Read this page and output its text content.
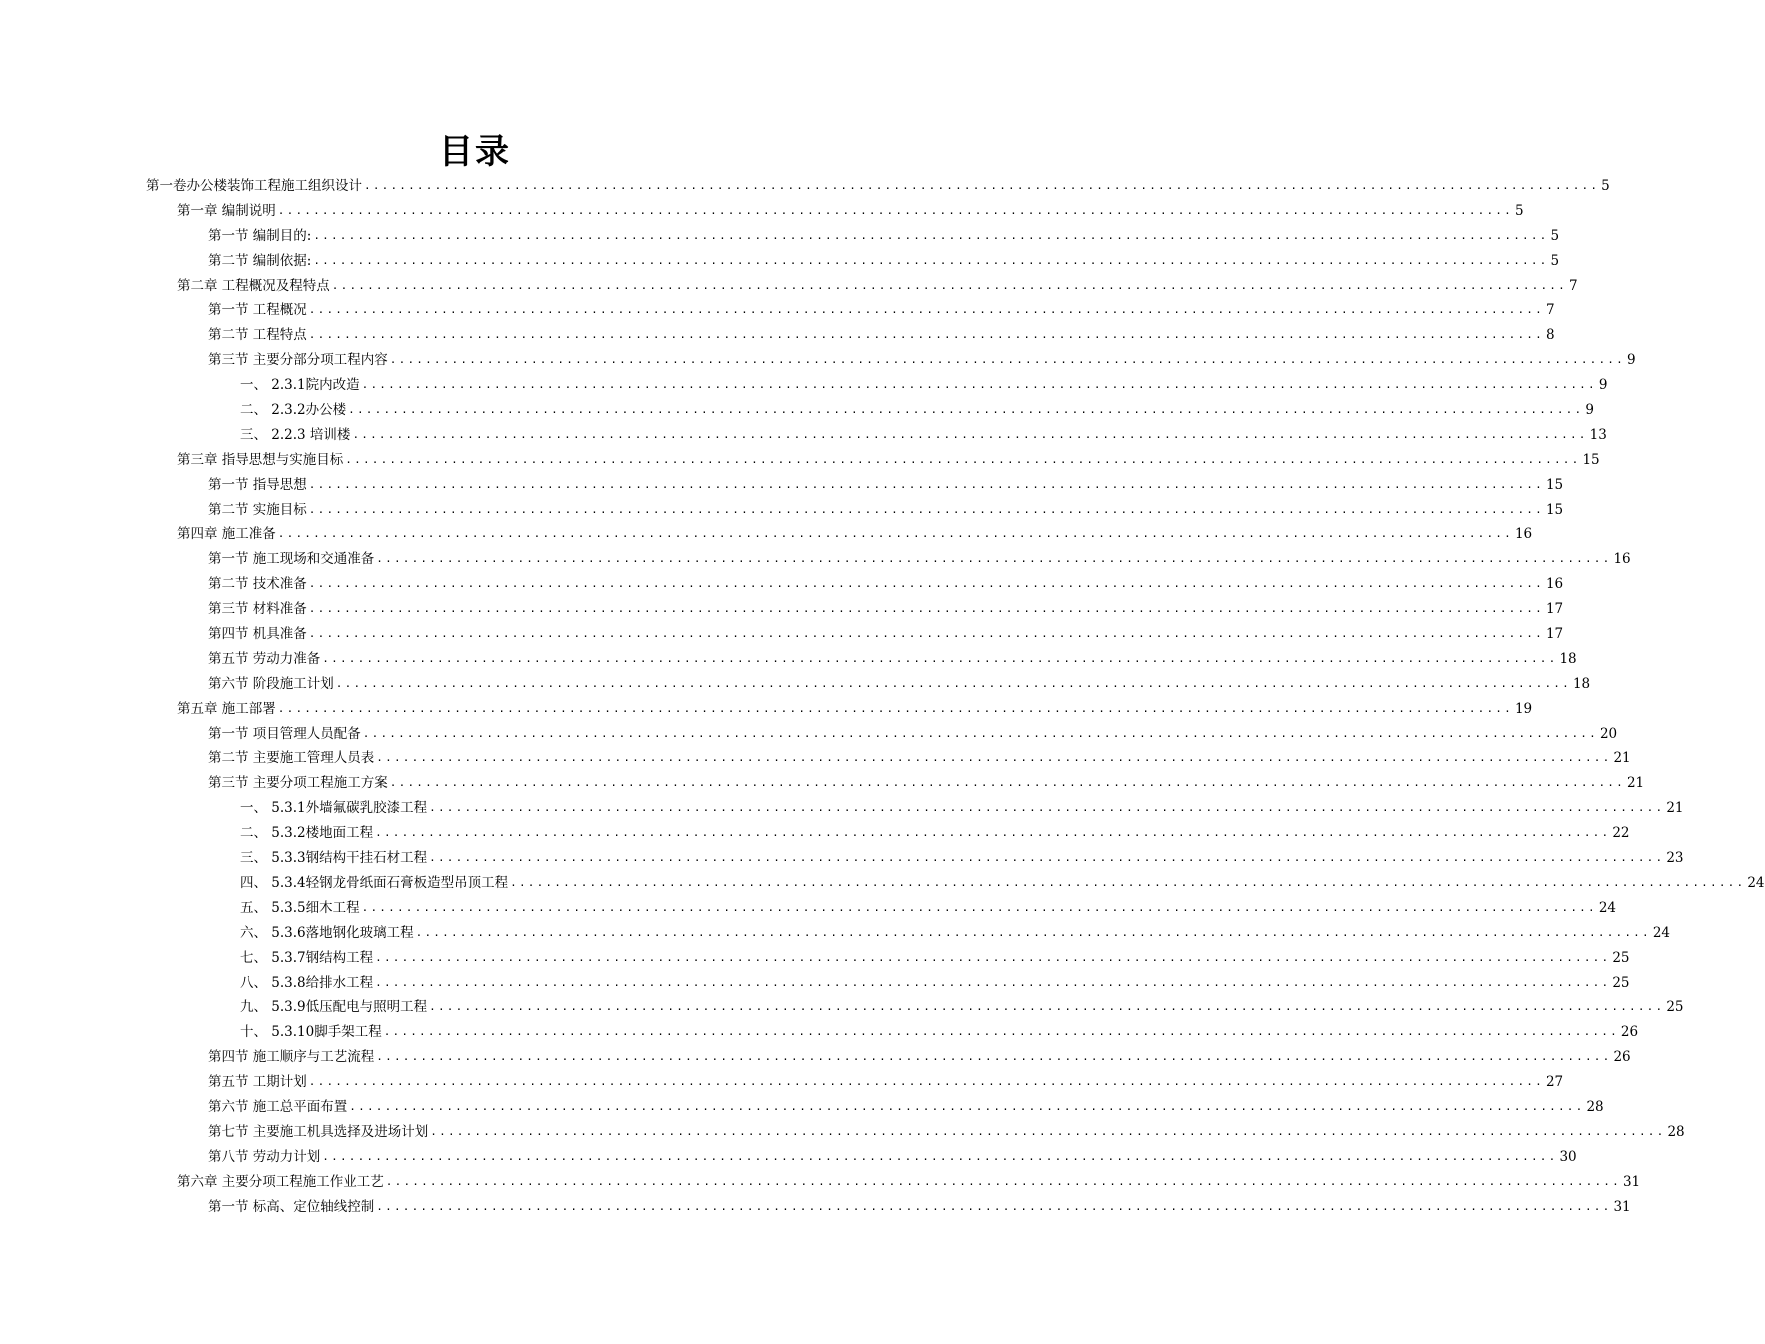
目录
第一卷办公楼装饰工程施工组织设计 ............................................................................................................................................ 5
第一章 编制说明 ............................................................................................................................................ 5
第一节 编制目的: ............................................................................................................................................ 5
第二节 编制依据: ............................................................................................................................................ 5
第二章 工程概况及程特点 ............................................................................................................................................ 7
第一节 工程概况 ............................................................................................................................................ 7
第二节 工程特点 ............................................................................................................................................ 8
第三节 主要分部分项工程内容 ............................................................................................................................................ 9
一、 2.3.1院内改造 ............................................................................................................................................ 9
二、 2.3.2办公楼 ............................................................................................................................................ 9
三、 2.2.3 培训楼 ............................................................................................................................................ 13
第三章 指导思想与实施目标 ............................................................................................................................................ 15
第一节 指导思想 ............................................................................................................................................ 15
第二节 实施目标 ............................................................................................................................................ 15
第四章 施工准备 ............................................................................................................................................ 16
第一节 施工现场和交通准备 ............................................................................................................................................ 16
第二节 技术准备 ............................................................................................................................................ 16
第三节 材料准备 ............................................................................................................................................ 17
第四节 机具准备 ............................................................................................................................................ 17
第五节 劳动力准备 ............................................................................................................................................ 18
第六节 阶段施工计划 ............................................................................................................................................ 18
第五章 施工部署 ............................................................................................................................................ 19
第一节 项目管理人员配备 ............................................................................................................................................ 20
第二节 主要施工管理人员表 ............................................................................................................................................ 21
第三节 主要分项工程施工方案 ............................................................................................................................................ 21
一、 5.3.1外墙氟碳乳胶漆工程 ............................................................................................................................................ 21
二、 5.3.2楼地面工程 ............................................................................................................................................ 22
三、 5.3.3钢结构干挂石材工程 ............................................................................................................................................ 23
四、 5.3.4轻钢龙骨纸面石膏板造型吊顶工程 ............................................................................................................................................ 24
五、 5.3.5细木工程 ............................................................................................................................................ 24
六、 5.3.6落地钢化玻璃工程 ............................................................................................................................................ 24
七、 5.3.7钢结构工程 ............................................................................................................................................ 25
八、 5.3.8给排水工程 ............................................................................................................................................ 25
九、 5.3.9低压配电与照明工程 ............................................................................................................................................ 25
十、 5.3.10脚手架工程 ............................................................................................................................................ 26
第四节 施工顺序与工艺流程 ............................................................................................................................................ 26
第五节 工期计划 ............................................................................................................................................ 27
第六节 施工总平面布置 ............................................................................................................................................ 28
第七节 主要施工机具选择及进场计划 ............................................................................................................................................ 28
第八节 劳动力计划 ............................................................................................................................................ 30
第六章 主要分项工程施工作业工艺 ............................................................................................................................................ 31
第一节 标高、定位轴线控制 ............................................................................................................................................ 31
